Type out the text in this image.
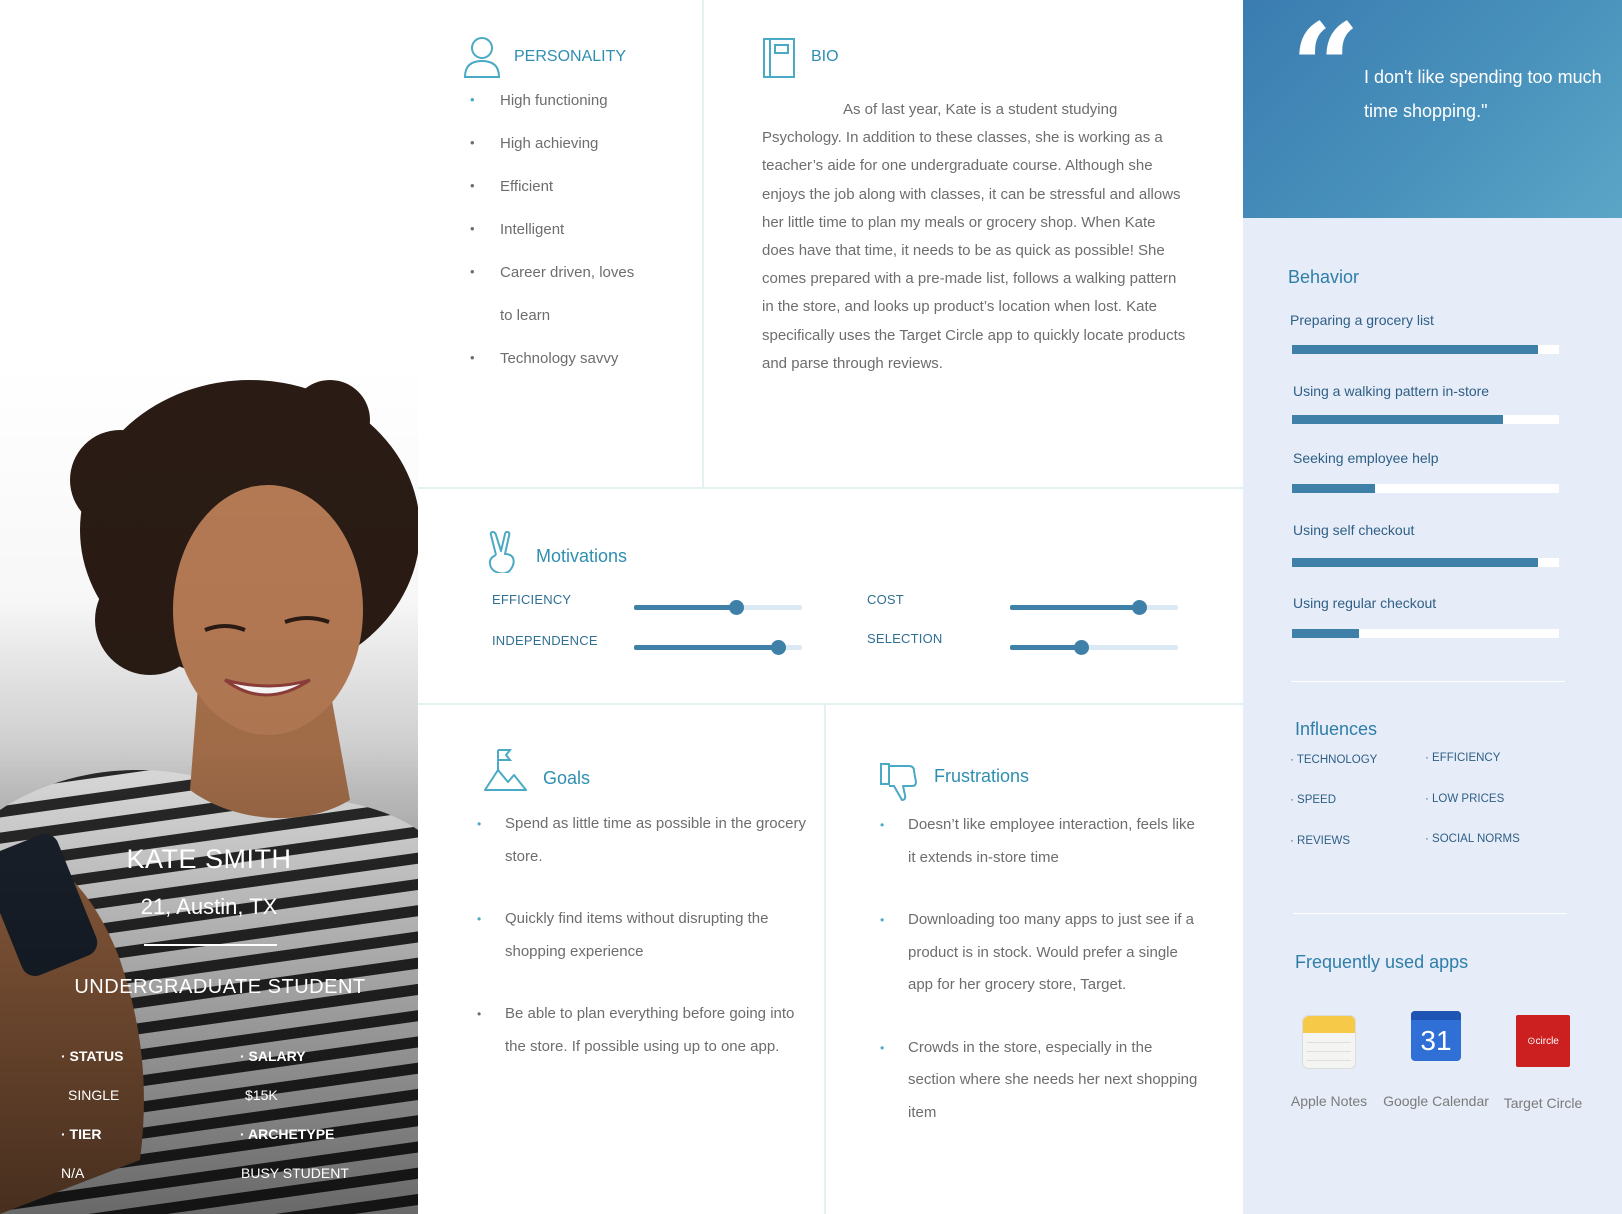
KATE SMITH
21, Austin, TX
UNDERGRADUATE STUDENT
· STATUS
SINGLE
· SALARY
$15K
· TIER
N/A
· ARCHETYPE
BUSY STUDENT
PERSONALITY
• High functioning
• High achieving
• Efficient
• Intelligent
• Career driven, loves
to learn
• Technology savvy
BIO
As of last year, Kate is a student studying Psychology. In addition to these classes, she is working as a teacher’s aide for one undergraduate course. Although she enjoys the job along with classes, it can be stressful and allows her little time to plan my meals or grocery shop. When Kate does have that time, it needs to be as quick as possible! She comes prepared with a pre-made list, follows a walking pattern in the store, and looks up product’s location when lost. Kate specifically uses the Target Circle app to quickly locate products and parse through reviews.
Motivations
EFFICIENCY
INDEPENDENCE
COST
SELECTION
Goals
• Spend as little time as possible in the grocery store.
• Quickly find items without disrupting the shopping experience
• Be able to plan everything before going into the store. If possible using up to one app.
Frustrations
• Doesn’t like employee interaction, feels like it extends in-store time
• Downloading too many apps to just see if a product is in stock. Would prefer a single app for her grocery store, Target.
• Crowds in the store, especially in the section where she needs her next shopping item
“ I don't like spending too much time shopping."
Behavior
Preparing a grocery list
Using a walking pattern in-store
Seeking employee help
Using self checkout
Using regular checkout
Influences
· TECHNOLOGY
· SPEED
· REVIEWS
· EFFICIENCY
· LOW PRICES
· SOCIAL NORMS
Frequently used apps
Apple Notes
31
Google Calendar
⊙circle
Target Circle
